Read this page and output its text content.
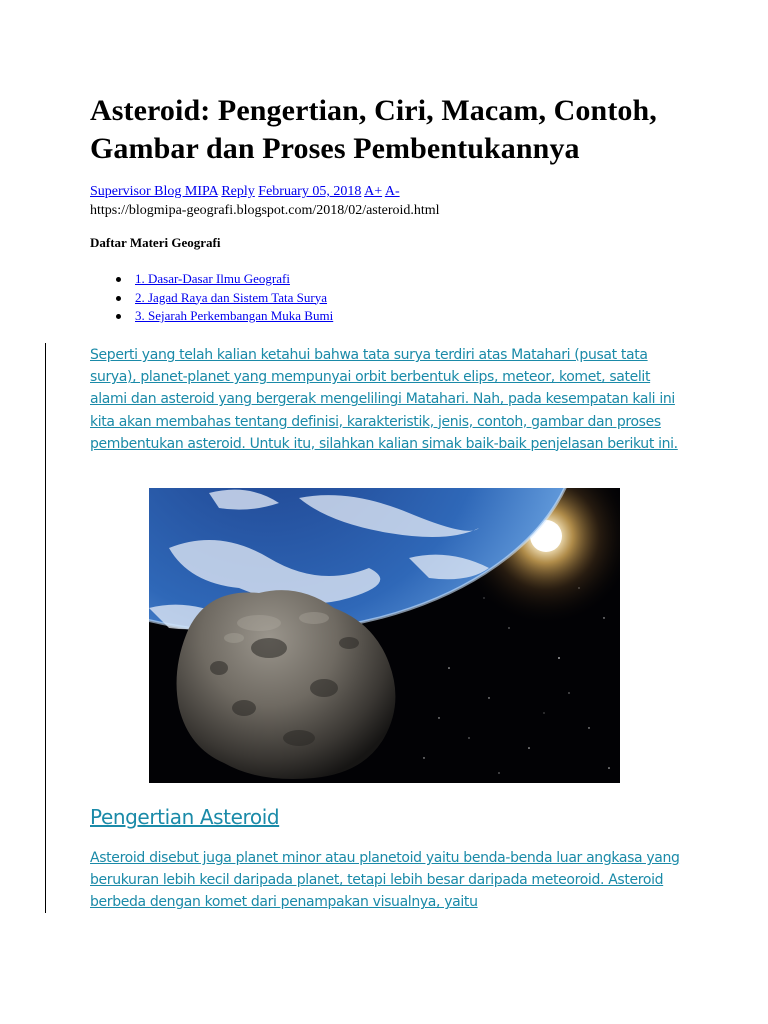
Asteroid: Pengertian, Ciri, Macam, Contoh, Gambar dan Proses Pembentukannya
Supervisor Blog MIPA Reply February 05, 2018 A+ A-
https://blogmipa-geografi.blogspot.com/2018/02/asteroid.html

Daftar Materi Geografi

1. Dasar-Dasar Ilmu Geografi
2. Jagad Raya dan Sistem Tata Surya
3. Sejarah Perkembangan Muka Bumi

Seperti yang telah kalian ketahui bahwa tata surya terdiri atas Matahari (pusat tata surya), planet-planet yang mempunyai orbit berbentuk elips, meteor, komet, satelit alami dan asteroid yang bergerak mengelilingi Matahari. Nah, pada kesempatan kali ini kita akan membahas tentang definisi, karakteristik, jenis, contoh, gambar dan proses pembentukan asteroid. Untuk itu, silahkan kalian simak baik-baik penjelasan berikut ini.

Pengertian Asteroid

Asteroid disebut juga planet minor atau planetoid yaitu benda-benda luar angkasa yang berukuran lebih kecil daripada planet, tetapi lebih besar daripada meteoroid. Asteroid berbeda dengan komet dari penampakan visualnya, yaitu
